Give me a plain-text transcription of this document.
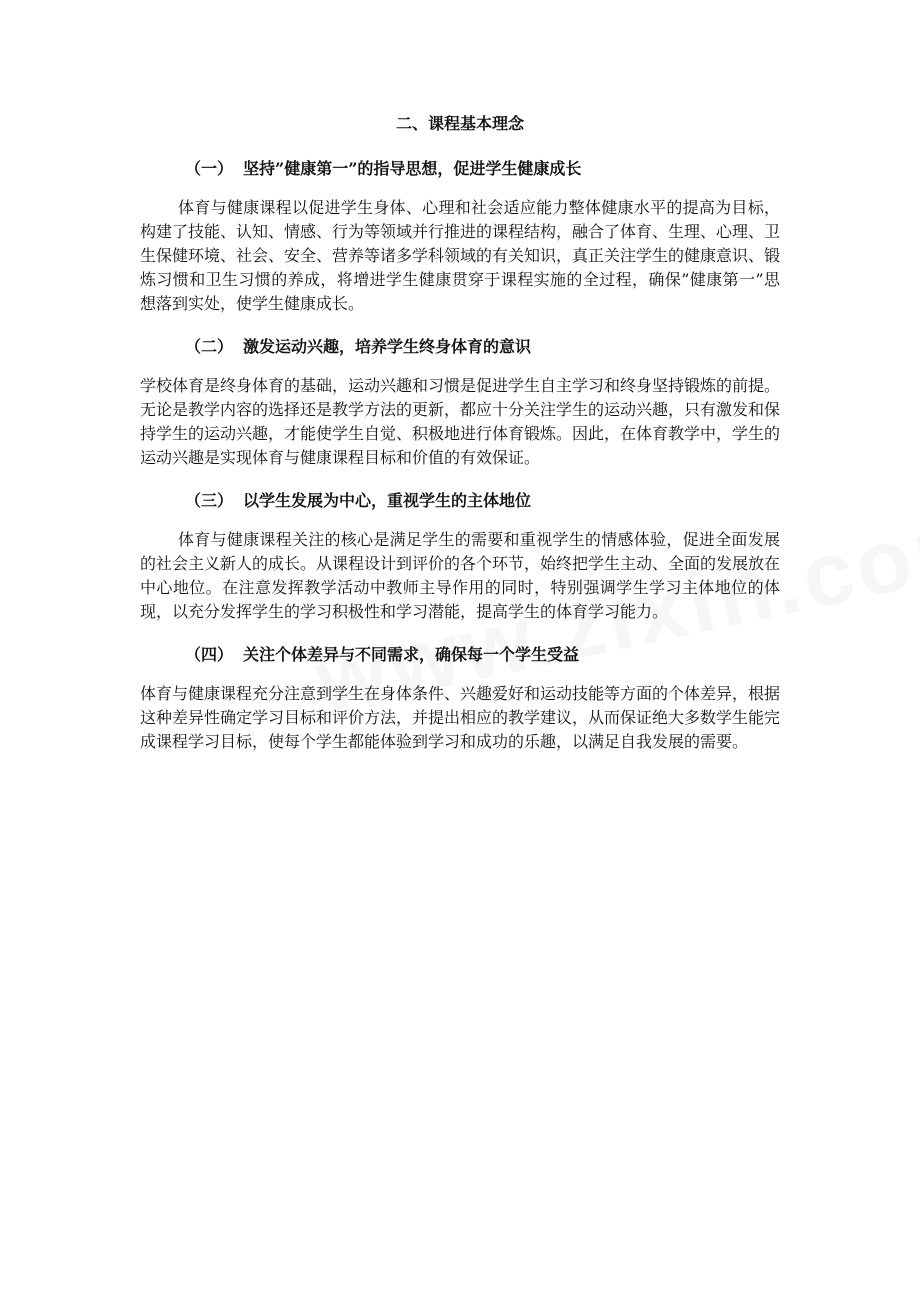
二、课程基本理念
（一） 坚持”健康第一”的指导思想，促进学生健康成长
体育与健康课程以促进学生身体、心理和社会适应能力整体健康水平的提高为目标，构建了技能、认知、情感、行为等领域并行推进的课程结构，融合了体育、生理、心理、卫生保健环境、社会、安全、营养等诸多学科领域的有关知识，真正关注学生的健康意识、锻炼习惯和卫生习惯的养成，将增进学生健康贯穿于课程实施的全过程，确保”健康第一”思想落到实处，使学生健康成长。
（二） 激发运动兴趣，培养学生终身体育的意识
学校体育是终身体育的基础，运动兴趣和习惯是促进学生自主学习和终身坚持锻炼的前提。无论是教学内容的选择还是教学方法的更新，都应十分关注学生的运动兴趣，只有激发和保持学生的运动兴趣，才能使学生自觉、积极地进行体育锻炼。因此，在体育教学中，学生的运动兴趣是实现体育与健康课程目标和价值的有效保证。
（三） 以学生发展为中心，重视学生的主体地位
体育与健康课程关注的核心是满足学生的需要和重视学生的情感体验，促进全面发展的社会主义新人的成长。从课程设计到评价的各个环节，始终把学生主动、全面的发展放在中心地位。在注意发挥教学活动中教师主导作用的同时，特别强调学生学习主体地位的体现，以充分发挥学生的学习积极性和学习潜能，提高学生的体育学习能力。
（四） 关注个体差异与不同需求，确保每一个学生受益
体育与健康课程充分注意到学生在身体条件、兴趣爱好和运动技能等方面的个体差异，根据这种差异性确定学习目标和评价方法，并提出相应的教学建议，从而保证绝大多数学生能完成课程学习目标，使每个学生都能体验到学习和成功的乐趣，以满足自我发展的需要。
